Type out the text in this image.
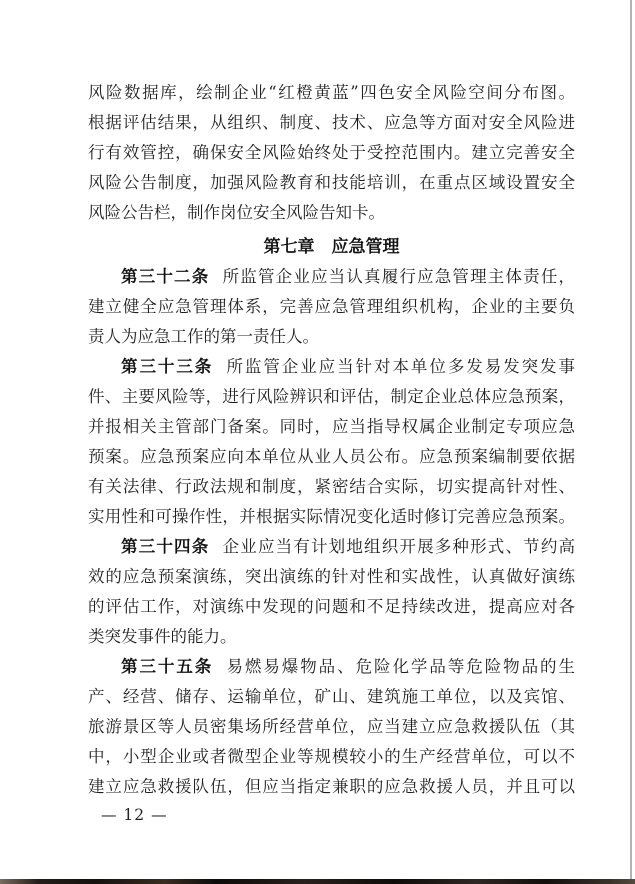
风险数据库，绘制企业“红橙黄蓝”四色安全风险空间分布图。
根据评估结果，从组织、制度、技术、应急等方面对安全风险进
行有效管控，确保安全风险始终处于受控范围内。建立完善安全
风险公告制度，加强风险教育和技能培训，在重点区域设置安全
风险公告栏，制作岗位安全风险告知卡。
第七章　应急管理
第三十二条 所监管企业应当认真履行应急管理主体责任，
建立健全应急管理体系，完善应急管理组织机构，企业的主要负
责人为应急工作的第一责任人。
第三十三条 所监管企业应当针对本单位多发易发突发事
件、主要风险等，进行风险辨识和评估，制定企业总体应急预案，
并报相关主管部门备案。同时，应当指导权属企业制定专项应急
预案。应急预案应向本单位从业人员公布。应急预案编制要依据
有关法律、行政法规和制度，紧密结合实际，切实提高针对性、
实用性和可操作性，并根据实际情况变化适时修订完善应急预案。
第三十四条 企业应当有计划地组织开展多种形式、节约高
效的应急预案演练，突出演练的针对性和实战性，认真做好演练
的评估工作，对演练中发现的问题和不足持续改进，提高应对各
类突发事件的能力。
第三十五条 易燃易爆物品、危险化学品等危险物品的生
产、经营、储存、运输单位，矿山、建筑施工单位，以及宾馆、
旅游景区等人员密集场所经营单位，应当建立应急救援队伍（其
中，小型企业或者微型企业等规模较小的生产经营单位，可以不
建立应急救援队伍，但应当指定兼职的应急救援人员，并且可以
— 12 —
